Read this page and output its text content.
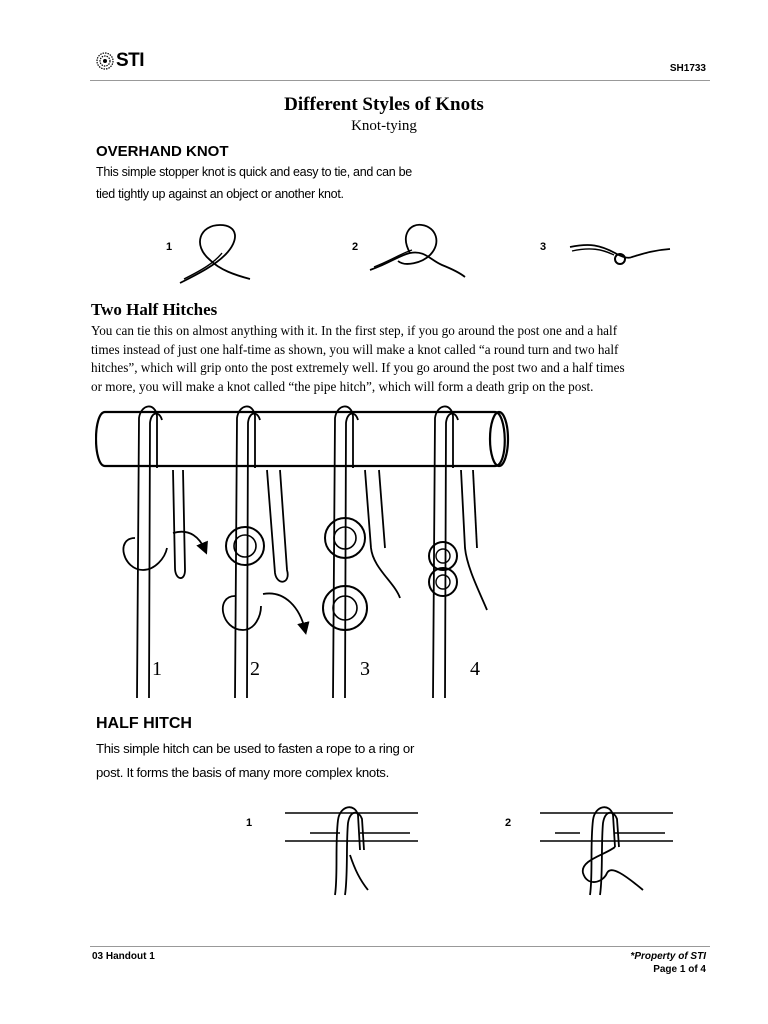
STI	SH1733
Different Styles of Knots
Knot-tying
OVERHAND KNOT
This simple stopper knot is quick and easy to tie, and can be
tied tightly up against an object or another knot.
1	2	3
Two Half Hitches
You can tie this on almost anything with it. In the first step, if you go around the post one and a half
times instead of just one half-time as shown, you will make a knot called “a round turn and two half
hitches”, which will grip onto the post extremely well. If you go around the post two and a half times
or more, you will make a knot called “the pipe hitch”, which will form a death grip on the post.
1	2	3	4
HALF HITCH
This simple hitch can be used to fasten a rope to a ring or
post. It forms the basis of many more complex knots.
1	2
03 Handout 1	*Property of STI
Page 1 of 4
